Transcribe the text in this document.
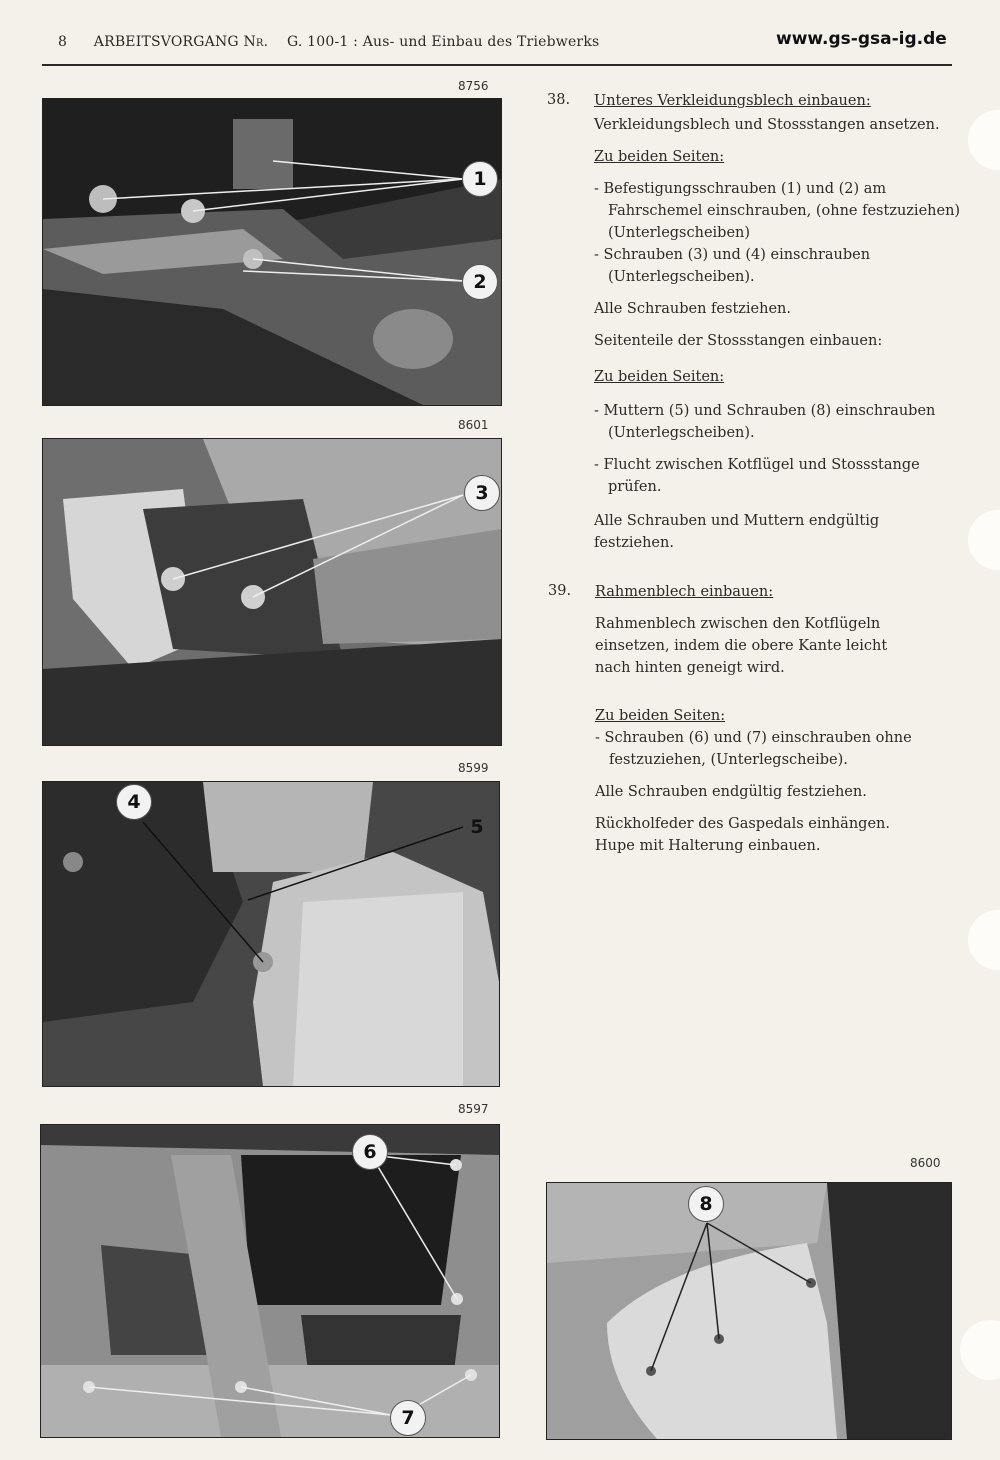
8 ARBEITSVORGANG Nr. G. 100-1 : Aus- und Einbau des Triebwerks	www.gs-gsa-ig.de
8756
1
2
8601
3
8599
4
5
8597
6
7
8600
8
38. Unteres Verkleidungsblech einbauen:
Verkleidungsblech und Stossstangen ansetzen.
Zu beiden Seiten:
- Befestigungsschrauben (1) und (2) am Fahrschemel einschrauben, (ohne festzuziehen) (Unterlegscheiben)
- Schrauben (3) und (4) einschrauben (Unterlegscheiben).
Alle Schrauben festziehen.
Seitenteile der Stossstangen einbauen:
Zu beiden Seiten:
- Muttern (5) und Schrauben (8) einschrauben (Unterlegscheiben).
- Flucht zwischen Kotflügel und Stossstange prüfen.
Alle Schrauben und Muttern endgültig festziehen.
39. Rahmenblech einbauen:
Rahmenblech zwischen den Kotflügeln einsetzen, indem die obere Kante leicht nach hinten geneigt wird.
Zu beiden Seiten:
- Schrauben (6) und (7) einschrauben ohne festzuziehen, (Unterlegscheibe).
Alle Schrauben endgültig festziehen.
Rückholfeder des Gaspedals einhängen.
Hupe mit Halterung einbauen.
